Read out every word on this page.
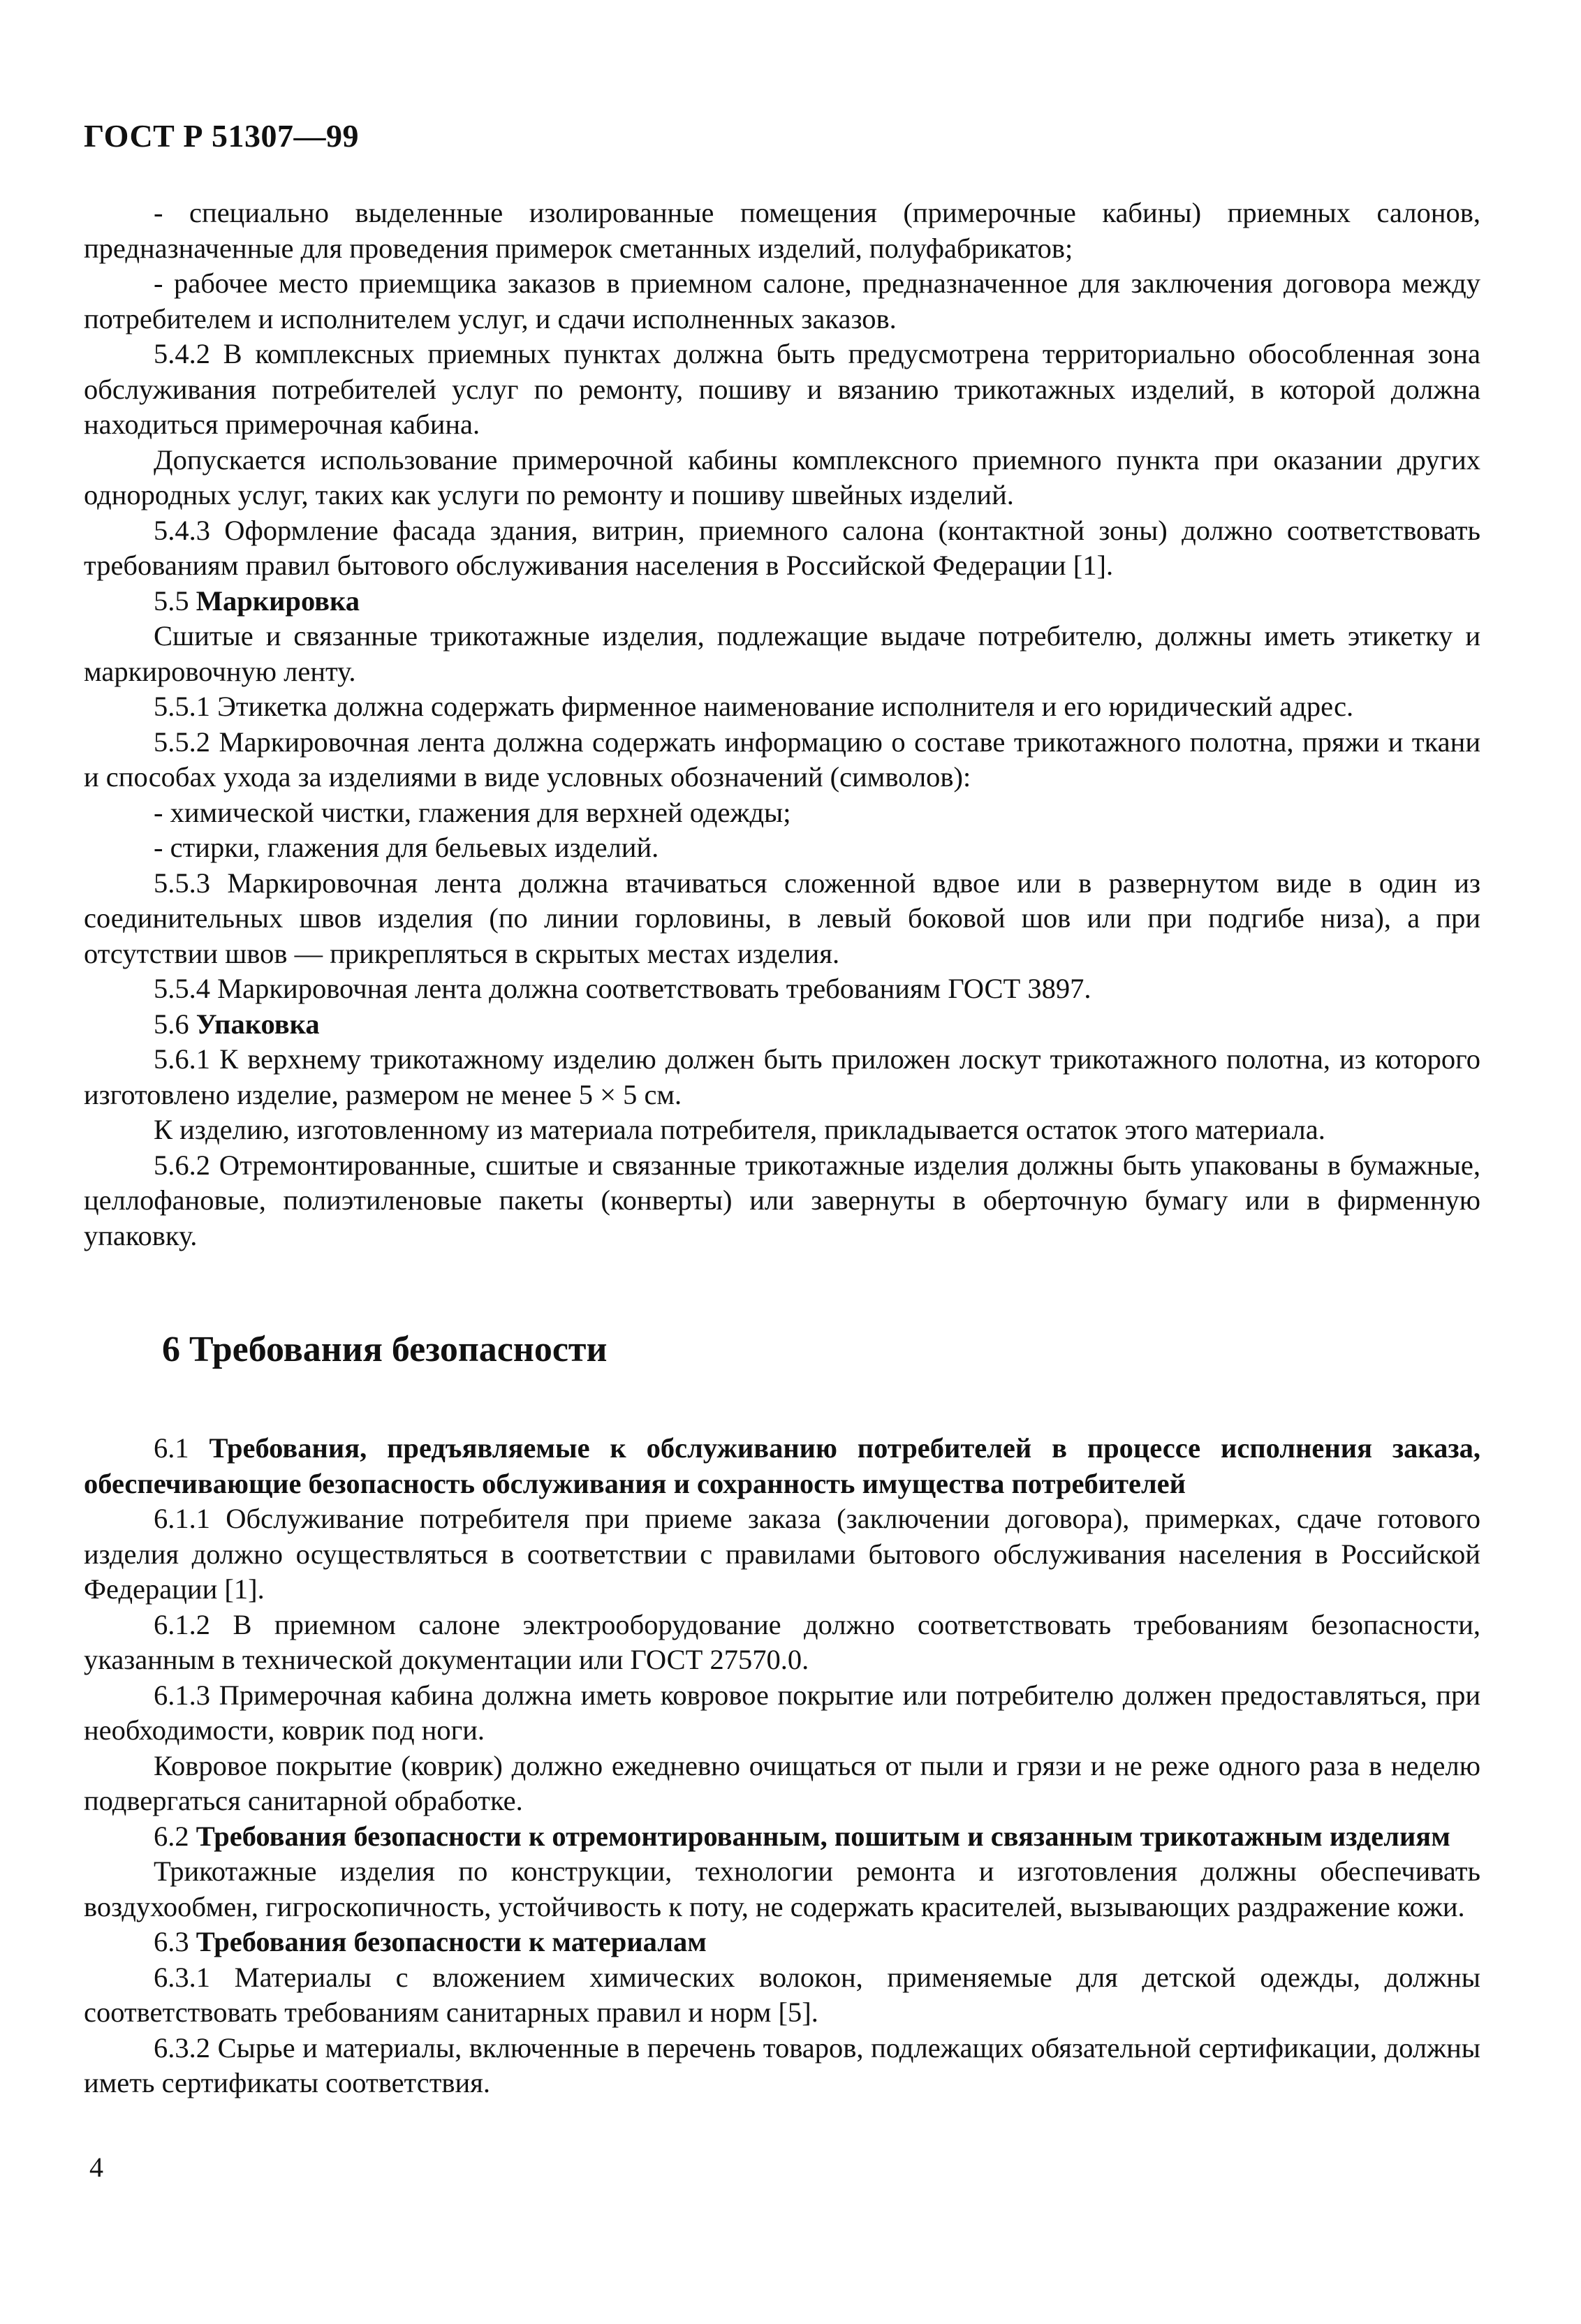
ГОСТ Р 51307—99

- специально выделенные изолированные помещения (примерочные кабины) приемных салонов, предназначенные для проведения примерок сметанных изделий, полуфабрикатов;

- рабочее место приемщика заказов в приемном салоне, предназначенное для заключения договора между потребителем и исполнителем услуг, и сдачи исполненных заказов.

5.4.2 В комплексных приемных пунктах должна быть предусмотрена территориально обособленная зона обслуживания потребителей услуг по ремонту, пошиву и вязанию трикотажных изделий, в которой должна находиться примерочная кабина.

Допускается использование примерочной кабины комплексного приемного пункта при оказании других однородных услуг, таких как услуги по ремонту и пошиву швейных изделий.

5.4.3 Оформление фасада здания, витрин, приемного салона (контактной зоны) должно соответствовать требованиям правил бытового обслуживания населения в Российской Федерации [1].

5.5 Маркировка

Сшитые и связанные трикотажные изделия, подлежащие выдаче потребителю, должны иметь этикетку и маркировочную ленту.

5.5.1 Этикетка должна содержать фирменное наименование исполнителя и его юридический адрес.

5.5.2 Маркировочная лента должна содержать информацию о составе трикотажного полотна, пряжи и ткани и способах ухода за изделиями в виде условных обозначений (символов):

- химической чистки, глажения для верхней одежды;

- стирки, глажения для бельевых изделий.

5.5.3 Маркировочная лента должна втачиваться сложенной вдвое или в развернутом виде в один из соединительных швов изделия (по линии горловины, в левый боковой шов или при подгибе низа), а при отсутствии швов — прикрепляться в скрытых местах изделия.

5.5.4 Маркировочная лента должна соответствовать требованиям ГОСТ 3897.

5.6 Упаковка

5.6.1 К верхнему трикотажному изделию должен быть приложен лоскут трикотажного полотна, из которого изготовлено изделие, размером не менее 5 × 5 см.

К изделию, изготовленному из материала потребителя, прикладывается остаток этого материала.

5.6.2 Отремонтированные, сшитые и связанные трикотажные изделия должны быть упакованы в бумажные, целлофановые, полиэтиленовые пакеты (конверты) или завернуты в оберточную бумагу или в фирменную упаковку.

6 Требования безопасности

6.1 Требования, предъявляемые к обслуживанию потребителей в процессе исполнения заказа, обеспечивающие безопасность обслуживания и сохранность имущества потребителей

6.1.1 Обслуживание потребителя при приеме заказа (заключении договора), примерках, сдаче готового изделия должно осуществляться в соответствии с правилами бытового обслуживания населения в Российской Федерации [1].

6.1.2 В приемном салоне электрооборудование должно соответствовать требованиям безопасности, указанным в технической документации или ГОСТ 27570.0.

6.1.3 Примерочная кабина должна иметь ковровое покрытие или потребителю должен предоставляться, при необходимости, коврик под ноги.

Ковровое покрытие (коврик) должно ежедневно очищаться от пыли и грязи и не реже одного раза в неделю подвергаться санитарной обработке.

6.2 Требования безопасности к отремонтированным, пошитым и связанным трикотажным изделиям

Трикотажные изделия по конструкции, технологии ремонта и изготовления должны обеспечивать воздухообмен, гигроскопичность, устойчивость к поту, не содержать красителей, вызывающих раздражение кожи.

6.3 Требования безопасности к материалам

6.3.1 Материалы с вложением химических волокон, применяемые для детской одежды, должны соответствовать требованиям санитарных правил и норм [5].

6.3.2 Сырье и материалы, включенные в перечень товаров, подлежащих обязательной сертификации, должны иметь сертификаты соответствия.

4
